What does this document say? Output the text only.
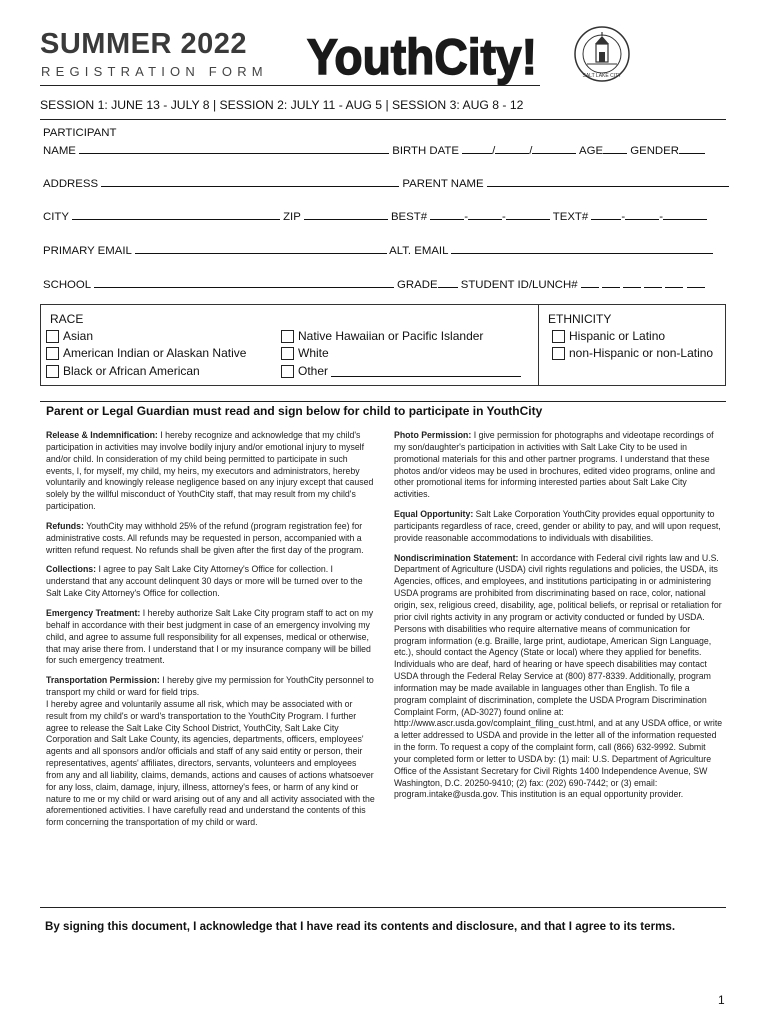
SUMMER 2022
REGISTRATION FORM YouthCity!	SALT LAKE CITY
SESSION 1: JUNE 13 - JULY 8 | SESSION 2: JULY 11 - AUG 5 | SESSION 3: AUG 8 - 12
PARTICIPANT
NAME	BIRTH DATE	/	/	AGE GENDER
ADDRESS	PARENT NAME
CITY	ZIP	BEST#	-	-	TEXT#	-	-
PRIMARY EMAIL	ALT. EMAIL
SCHOOL	GRADE STUDENT ID/LUNCH#
RACE
Asian
American Indian or Alaskan Native
Black or African American
Native Hawaiian or Pacific Islander
White
Other
ETHNICITY
Hispanic or Latino
non-Hispanic or non-Latino
Parent or Legal Guardian must read and sign below for child to participate in YouthCity

Release & Indemnification: I hereby recognize and acknowledge that my child's participation in activities may involve bodily injury and/or emotional injury to myself and/or child. In consideration of my child being permitted to participate in such events, I, for myself, my child, my heirs, my executors and administrators, hereby voluntarily and knowingly release negligence based on any injury except that caused solely by the willful misconduct of YouthCity staff, that may result from my child's participation.

Refunds: YouthCity may withhold 25% of the refund (program registration fee) for administrative costs. All refunds may be requested in person, accompanied with a written refund request. No refunds shall be given after the first day of the program.

Collections: I agree to pay Salt Lake City Attorney's Office for collection. I understand that any account delinquent 30 days or more will be turned over to the Salt Lake City Attorney's Office for collection.

Emergency Treatment: I hereby authorize Salt Lake City program staff to act on my behalf in accordance with their best judgment in case of an emergency involving my child, and agree to assume full responsibility for all expenses, medical or otherwise, that may arise there from. I understand that I or my insurance company will be billed for such emergency treatment.

Transportation Permission: I hereby give my permission for YouthCity personnel to transport my child or ward for field trips.

I hereby agree and voluntarily assume all risk, which may be associated with or result from my child's or ward's transportation to the YouthCity Program. I further agree to release the Salt Lake City School District, YouthCity, Salt Lake City Corporation and Salt Lake County, its agencies, departments, officers, employees' agents and all sponsors and/or officials and staff of any said entity or person, their representatives, agents' affiliates, directors, servants, volunteers and employees from any and all liability, claims, demands, actions and causes of actions whatsoever for any loss, claim, damage, injury, illness, attorney's fees, or harm of any kind or nature to me or my child or ward arising out of any and all activity associated with the aforementioned activities. I have carefully read and understand the contents of this form concerning the transportation of my child or ward.

Photo Permission: I give permission for photographs and videotape recordings of my son/daughter's participation in activities with Salt Lake City to be used in promotional materials for this and other partner programs. I understand that these photos and/or videos may be used in brochures, edited video programs, online and other promotional items for informing interested parties about Salt Lake City activities.

Equal Opportunity: Salt Lake Corporation YouthCity provides equal opportunity to participants regardless of race, creed, gender or ability to pay, and will upon request, provide reasonable accommodations to individuals with disabilities.

Nondiscrimination Statement: In accordance with Federal civil rights law and U.S. Department of Agriculture (USDA) civil rights regulations and policies, the USDA, its Agencies, offices, and employees, and institutions participating in or administering USDA programs are prohibited from discriminating based on race, color, national origin, sex, religious creed, disability, age, political beliefs, or reprisal or retaliation for prior civil rights activity in any program or activity conducted or funded by USDA. Persons with disabilities who require alternative means of communication for program information (e.g. Braille, large print, audiotape, American Sign Language, etc.), should contact the Agency (State or local) where they applied for benefits. Individuals who are deaf, hard of hearing or have speech disabilities may contact USDA through the Federal Relay Service at (800) 877-8339. Additionally, program information may be made available in languages other than English. To file a program complaint of discrimination, complete the USDA Program Discrimination Complaint Form, (AD-3027) found online at: http://www.ascr.usda.gov/complaint_filing_cust.html, and at any USDA office, or write a letter addressed to USDA and provide in the letter all of the information requested in the form. To request a copy of the complaint form, call (866) 632-9992. Submit your completed form or letter to USDA by: (1) mail: U.S. Department of Agriculture Office of the Assistant Secretary for Civil Rights 1400 Independence Avenue, SW Washington, D.C. 20250-9410; (2) fax: (202) 690-7442; or (3) email: program.intake@usda.gov. This institution is an equal opportunity provider.

By signing this document, I acknowledge that I have read its contents and disclosure, and that I agree to its terms.
1
